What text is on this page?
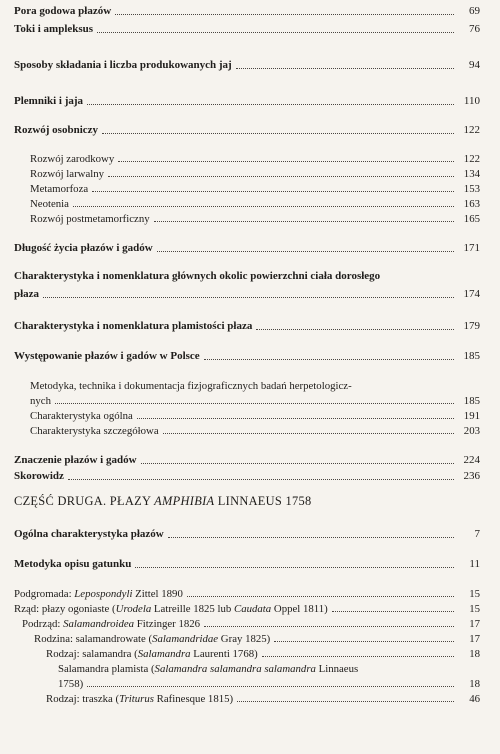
Pora godowa płazów	69
Toki i ampleksus	76
Sposoby składania i liczba produkowanych jaj	94
Plemniki i jaja	110
Rozwój osobniczy	122
Rozwój zarodkowy	122
Rozwój larwalny	134
Metamorfoza	153
Neotenia	163
Rozwój postmetamorficzny	165
Długość życia płazów i gadów	171
Charakterystyka i nomenklatura głównych okolic powierzchni ciała dorosłego
płaza	174
Charakterystyka i nomenklatura plamistości płaza	179
Występowanie płazów i gadów w Polsce	185
Metodyka, technika i dokumentacja fizjograficznych badań herpetologicz-
nych	185
Charakterystyka ogólna	191
Charakterystyka szczegółowa	203
Znaczenie płazów i gadów	224
Skorowidz	236
Ogólna charakterystyka płazów	7
Metodyka opisu gatunku	11
CZĘŚĆ DRUGA. PŁAZY AMPHIBIA LINNAEUS 1758
Podgromada: Lepospondyli Zittel 1890	15
Rząd: płazy ogoniaste (Urodela Latreille 1825 lub Caudata Oppel 1811)	15
Podrząd: Salamandroidea Fitzinger 1826	17
Rodzina: salamandrowate (Salamandridae Gray 1825)	17
Rodzaj: salamandra (Salamandra Laurenti 1768)	18
Salamandra plamista (Salamandra salamandra salamandra Linnaeus
1758)	18
Rodzaj: traszka (Triturus Rafinesque 1815)	46
